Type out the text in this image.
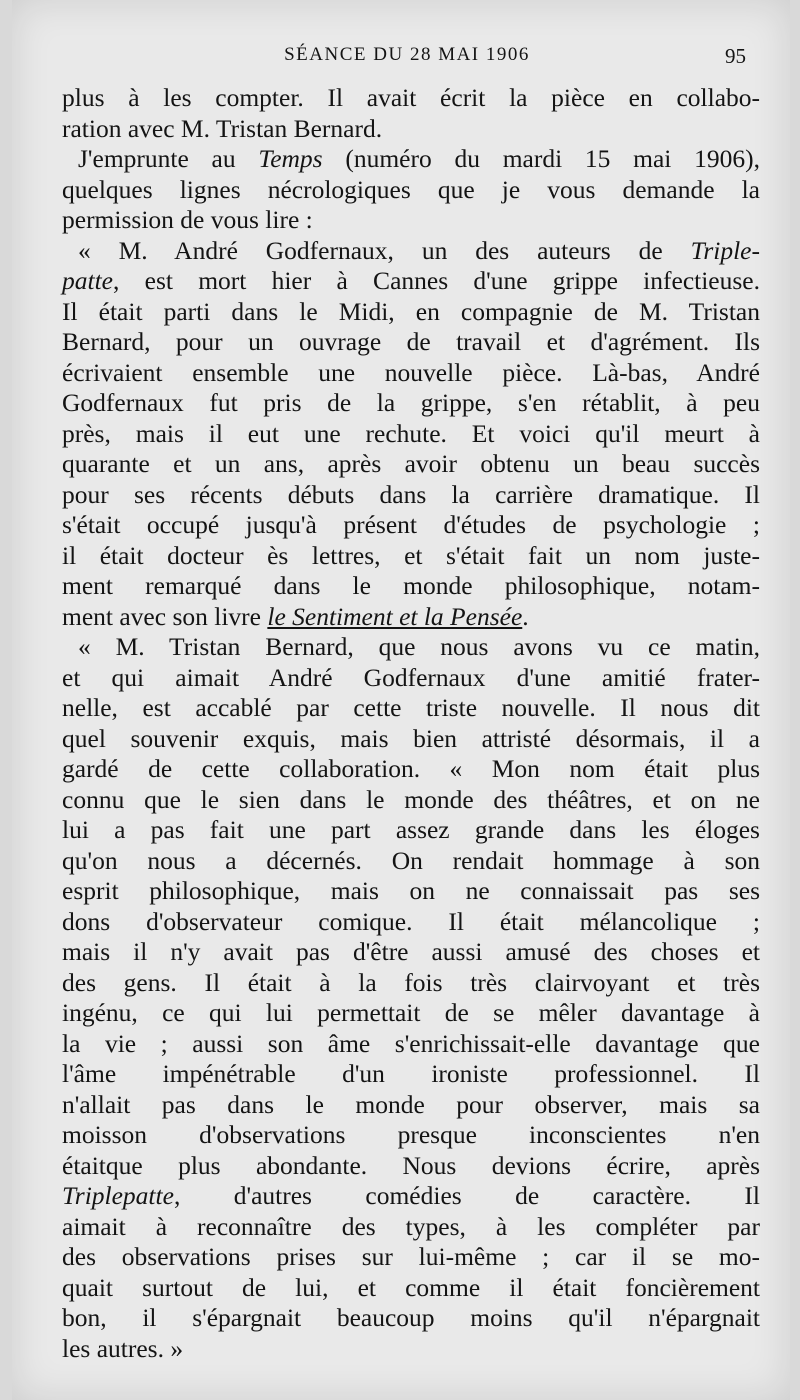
SÉANCE DU 28 MAI 1906	95
plus à les compter. Il avait écrit la pièce en collabo-
ration avec M. Tristan Bernard.
J'emprunte au Temps (numéro du mardi 15 mai 1906),
quelques lignes nécrologiques que je vous demande la
permission de vous lire :
« M. André Godfernaux, un des auteurs de Triple-
patte, est mort hier à Cannes d'une grippe infectieuse.
Il était parti dans le Midi, en compagnie de M. Tristan
Bernard, pour un ouvrage de travail et d'agrément. Ils
écrivaient ensemble une nouvelle pièce. Là-bas, André
Godfernaux fut pris de la grippe, s'en rétablit, à peu
près, mais il eut une rechute. Et voici qu'il meurt à
quarante et un ans, après avoir obtenu un beau succès
pour ses récents débuts dans la carrière dramatique. Il
s'était occupé jusqu'à présent d'études de psychologie ;
il était docteur ès lettres, et s'était fait un nom juste-
ment remarqué dans le monde philosophique, notam-
ment avec son livre le Sentiment et la Pensée.
« M. Tristan Bernard, que nous avons vu ce matin,
et qui aimait André Godfernaux d'une amitié frater-
nelle, est accablé par cette triste nouvelle. Il nous dit
quel souvenir exquis, mais bien attristé désormais, il a
gardé de cette collaboration. « Mon nom était plus
connu que le sien dans le monde des théâtres, et on ne
lui a pas fait une part assez grande dans les éloges
qu'on nous a décernés. On rendait hommage à son
esprit philosophique, mais on ne connaissait pas ses
dons d'observateur comique. Il était mélancolique ;
mais il n'y avait pas d'être aussi amusé des choses et
des gens. Il était à la fois très clairvoyant et très
ingénu, ce qui lui permettait de se mêler davantage à
la vie ; aussi son âme s'enrichissait-elle davantage que
l'âme impénétrable d'un ironiste professionnel. Il
n'allait pas dans le monde pour observer, mais sa
moisson d'observations presque inconscientes n'en
étaitque plus abondante. Nous devions écrire, après
Triplepatte, d'autres comédies de caractère. Il
aimait à reconnaître des types, à les compléter par
des observations prises sur lui-même ; car il se mo-
quait surtout de lui, et comme il était foncièrement
bon, il s'épargnait beaucoup moins qu'il n'épargnait
les autres. »
